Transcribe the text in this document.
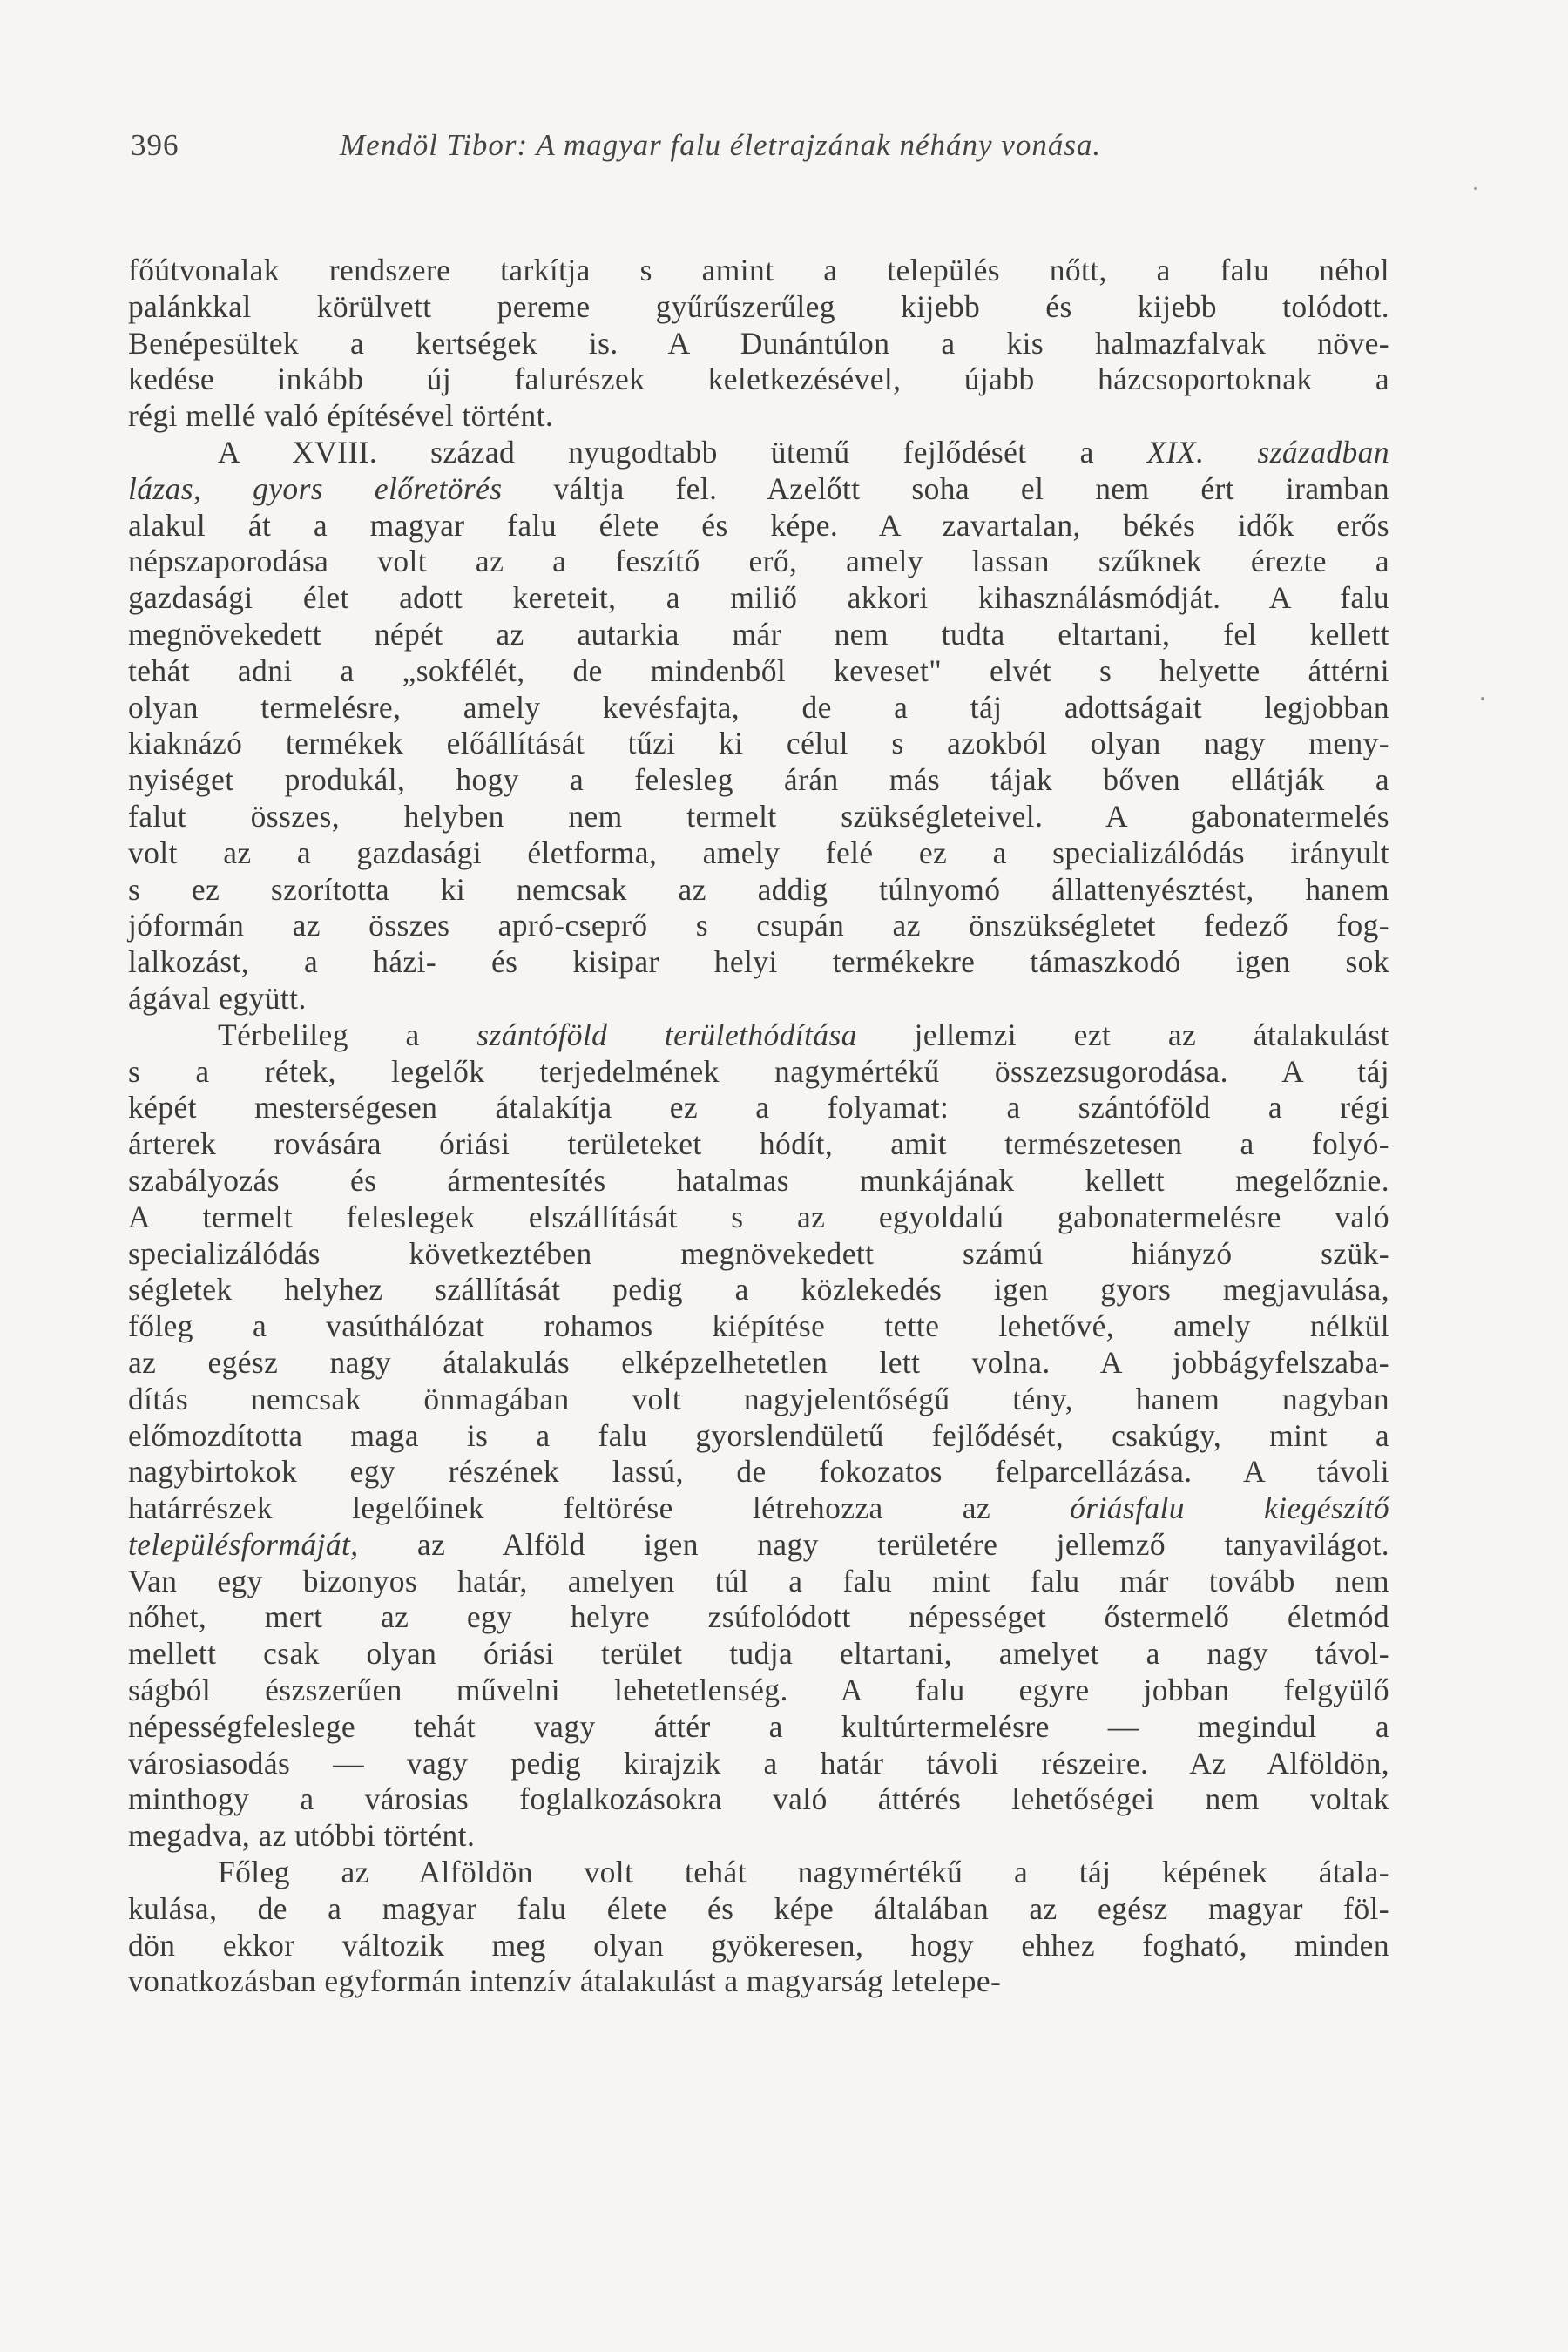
396	Mendöl Tibor: A magyar falu életrajzának néhány vonása.
főútvonalak rendszere tarkítja s amint a település nőtt, a falu néhol
palánkkal körülvett pereme gyűrűszerűleg kijebb és kijebb tolódott.
Benépesültek a kertségek is. A Dunántúlon a kis halmazfalvak növe-
kedése inkább új falurészek keletkezésével, újabb házcsoportoknak a
régi mellé való építésével történt.
A XVIII. század nyugodtabb ütemű fejlődését a XIX. században
lázas, gyors előretörés váltja fel. Azelőtt soha el nem ért iramban
alakul át a magyar falu élete és képe. A zavartalan, békés idők erős
népszaporodása volt az a feszítő erő, amely lassan szűknek érezte a
gazdasági élet adott kereteit, a miliő akkori kihasználásmódját. A falu
megnövekedett népét az autarkia már nem tudta eltartani, fel kellett
tehát adni a „sokfélét, de mindenből keveset" elvét s helyette áttérni
olyan termelésre, amely kevésfajta, de a táj adottságait legjobban
kiaknázó termékek előállítását tűzi ki célul s azokból olyan nagy meny-
nyiséget produkál, hogy a felesleg árán más tájak bőven ellátják a
falut összes, helyben nem termelt szükségleteivel. A gabonatermelés
volt az a gazdasági életforma, amely felé ez a specializálódás irányult
s ez szorította ki nemcsak az addig túlnyomó állattenyésztést, hanem
jóformán az összes apró-cseprő s csupán az önszükségletet fedező fog-
lalkozást, a házi- és kisipar helyi termékekre támaszkodó igen sok
ágával együtt.
Térbelileg a szántóföld területhódítása jellemzi ezt az átalakulást
s a rétek, legelők terjedelmének nagymértékű összezsugorodása. A táj
képét mesterségesen átalakítja ez a folyamat: a szántóföld a régi
árterek rovására óriási területeket hódít, amit természetesen a folyó-
szabályozás és ármentesítés hatalmas munkájának kellett megelőznie.
A termelt feleslegek elszállítását s az egyoldalú gabonatermelésre való
specializálódás következtében megnövekedett számú hiányzó szük-
ségletek helyhez szállítását pedig a közlekedés igen gyors megjavulása,
főleg a vasúthálózat rohamos kiépítése tette lehetővé, amely nélkül
az egész nagy átalakulás elképzelhetetlen lett volna. A jobbágyfelszaba-
dítás nemcsak önmagában volt nagyjelentőségű tény, hanem nagyban
előmozdította maga is a falu gyorslendületű fejlődését, csakúgy, mint a
nagybirtokok egy részének lassú, de fokozatos felparcellázása. A távoli
határrészek legelőinek feltörése létrehozza az óriásfalu kiegészítő
településformáját, az Alföld igen nagy területére jellemző tanyavilágot.
Van egy bizonyos határ, amelyen túl a falu mint falu már tovább nem
nőhet, mert az egy helyre zsúfolódott népességet őstermelő életmód
mellett csak olyan óriási terület tudja eltartani, amelyet a nagy távol-
ságból észszerűen művelni lehetetlenség. A falu egyre jobban felgyülő
népességfeleslege tehát vagy áttér a kultúrtermelésre — megindul a
városiasodás — vagy pedig kirajzik a határ távoli részeire. Az Alföldön,
minthogy a városias foglalkozásokra való áttérés lehetőségei nem voltak
megadva, az utóbbi történt.
Főleg az Alföldön volt tehát nagymértékű a táj képének átala-
kulása, de a magyar falu élete és képe általában az egész magyar föl-
dön ekkor változik meg olyan gyökeresen, hogy ehhez fogható, minden
vonatkozásban egyformán intenzív átalakulást a magyarság letelepe-
